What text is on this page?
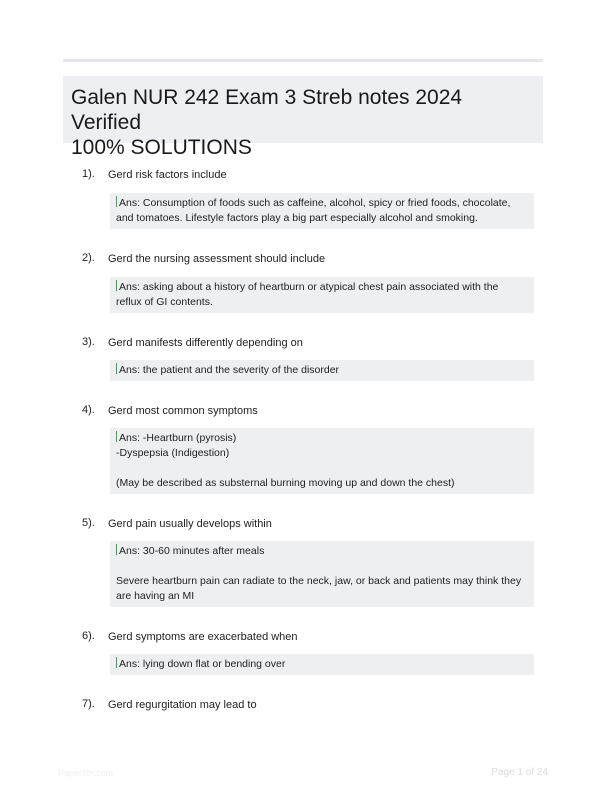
Galen NUR 242 Exam 3 Streb notes 2024 Verified
100% SOLUTIONS
1). Gerd risk factors include
Ans: Consumption of foods such as caffeine, alcohol, spicy or fried foods, chocolate,
and tomatoes. Lifestyle factors play a big part especially alcohol and smoking.
2). Gerd the nursing assessment should include
Ans: asking about a history of heartburn or atypical chest pain associated with the
reflux of GI contents.
3). Gerd manifests differently depending on
Ans: the patient and the severity of the disorder
4). Gerd most common symptoms
Ans: -Heartburn (pyrosis)
-Dyspepsia (Indigestion)
(May be described as substernal burning moving up and down the chest)
5). Gerd pain usually develops within
Ans: 30-60 minutes after meals
Severe heartburn pain can radiate to the neck, jaw, or back and patients may think they
are having an MI
6). Gerd symptoms are exacerbated when
Ans: lying down flat or bending over
7). Gerd regurgitation may lead to
Paperlibr.com	Page 1 of 24
